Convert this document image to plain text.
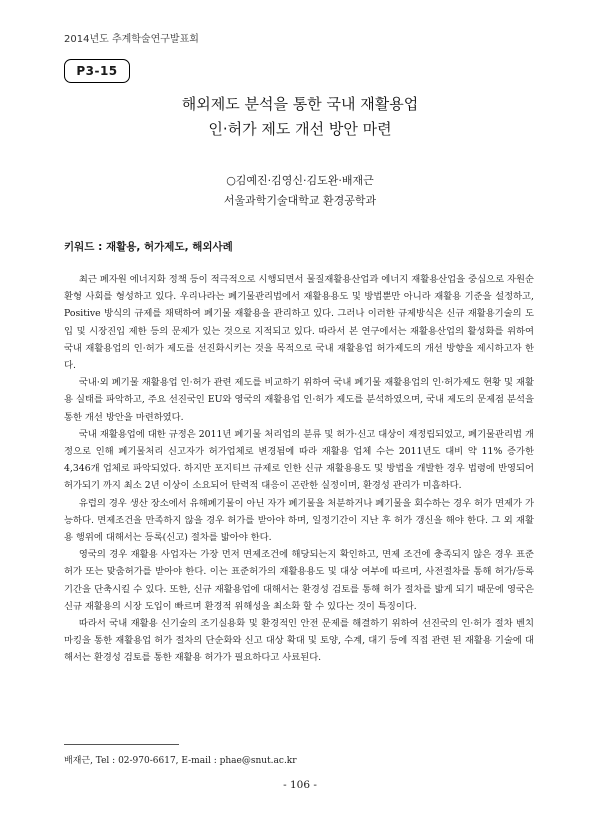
2014년도 추계학술연구발표회
P3-15
해외제도 분석을 통한 국내 재활용업
인·허가 제도 개선 방안 마련
○김예진·김영신·김도완·배재근
서울과학기술대학교 환경공학과
키워드 : 재활용, 허가제도, 해외사례

최근 폐자원 에너지화 정책 등이 적극적으로 시행되면서 물질재활용산업과 에너지 재활용산업을 중심으로 자원순환형 사회를 형성하고 있다. 우리나라는 폐기물관리법에서 재활용용도 및 방법뿐만 아니라 재활용 기준을 설정하고, Positive 방식의 규제를 채택하여 폐기물 재활용을 관리하고 있다. 그러나 이러한 규제방식은 신규 재활용기술의 도입 및 시장진입 제한 등의 문제가 있는 것으로 지적되고 있다. 따라서 본 연구에서는 재활용산업의 활성화를 위하여 국내 재활용업의 인·허가 제도를 선진화시키는 것을 목적으로 국내 재활용업 허가제도의 개선 방향을 제시하고자 한다.

국내·외 폐기물 재활용업 인·허가 관련 제도를 비교하기 위하여 국내 폐기물 재활용업의 인·허가제도 현황 및 재활용 실태를 파악하고, 주요 선진국인 EU와 영국의 재활용업 인·허가 제도를 분석하였으며, 국내 제도의 문제점 분석을 통한 개선 방안을 마련하였다.

국내 재활용업에 대한 규정은 2011년 폐기물 처리업의 분류 및 허가·신고 대상이 재정립되었고, 폐기물관리법 개정으로 인해 폐기물처리 신고자가 허가업체로 변경됨에 따라 재활용 업체 수는 2011년도 대비 약 11% 증가한 4,346개 업체로 파악되었다. 하지만 포지티브 규제로 인한 신규 재활용용도 및 방법을 개발한 경우 법령에 반영되어 허가되기 까지 최소 2년 이상이 소요되어 탄력적 대응이 곤란한 실정이며, 환경성 관리가 미흡하다.

유럽의 경우 생산 장소에서 유해폐기물이 아닌 자가 폐기물을 처분하거나 폐기물을 회수하는 경우 허가 면제가 가능하다. 면제조건을 만족하지 않을 경우 허가를 받아야 하며, 일정기간이 지난 후 허가 갱신을 해야 한다. 그 외 재활용 행위에 대해서는 등록(신고) 절차를 밟아야 한다.

영국의 경우 재활용 사업자는 가장 먼저 면제조건에 해당되는지 확인하고, 면제 조건에 충족되지 않은 경우 표준허가 또는 맞춤허가를 받아야 한다. 이는 표준허가의 재활용용도 및 대상 여부에 따르며, 사전절차를 통해 허가/등록 기간을 단축시킬 수 있다. 또한, 신규 재활용업에 대해서는 환경성 검토를 통해 허가 절차를 밟게 되기 때문에 영국은 신규 재활용의 시장 도입이 빠르며 환경적 위해성을 최소화 할 수 있다는 것이 특징이다.

따라서 국내 재활용 신기술의 조기실용화 및 환경적인 안전 문제를 해결하기 위하여 선진국의 인·허가 절차 벤치마킹을 통한 재활용업 허가 절차의 단순화와 신고 대상 확대 및 토양, 수계, 대기 등에 직접 관련 된 재활용 기술에 대해서는 환경성 검토를 통한 재활용 허가가 필요하다고 사료된다.

배재근, Tel : 02-970-6617, E-mail : phae@snut.ac.kr
- 106 -
